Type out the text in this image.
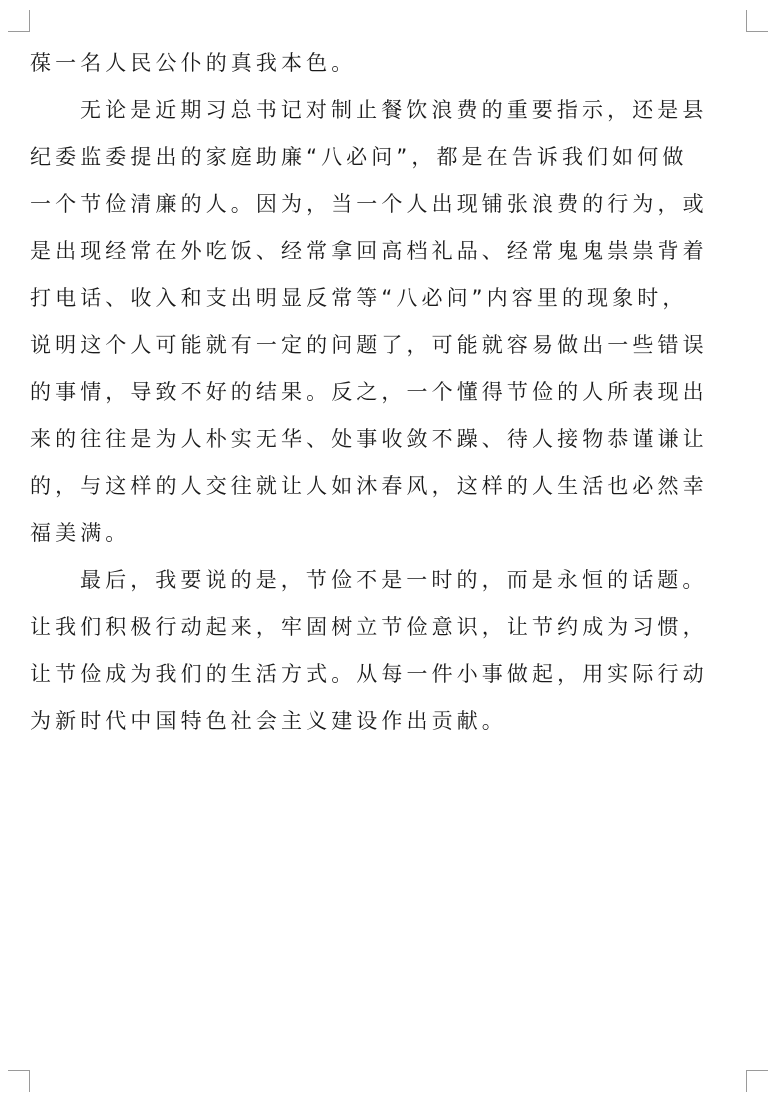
葆一名人民公仆的真我本色。
无论是近期习总书记对制止餐饮浪费的重要指示，还是县
纪委监委提出的家庭助廉“八必问”，都是在告诉我们如何做
一个节俭清廉的人。因为，当一个人出现铺张浪费的行为，或
是出现经常在外吃饭、经常拿回高档礼品、经常鬼鬼祟祟背着
打电话、收入和支出明显反常等“八必问”内容里的现象时，
说明这个人可能就有一定的问题了，可能就容易做出一些错误
的事情，导致不好的结果。反之，一个懂得节俭的人所表现出
来的往往是为人朴实无华、处事收敛不躁、待人接物恭谨谦让
的，与这样的人交往就让人如沐春风，这样的人生活也必然幸
福美满。
最后，我要说的是，节俭不是一时的，而是永恒的话题。
让我们积极行动起来，牢固树立节俭意识，让节约成为习惯，
让节俭成为我们的生活方式。从每一件小事做起，用实际行动
为新时代中国特色社会主义建设作出贡献。
